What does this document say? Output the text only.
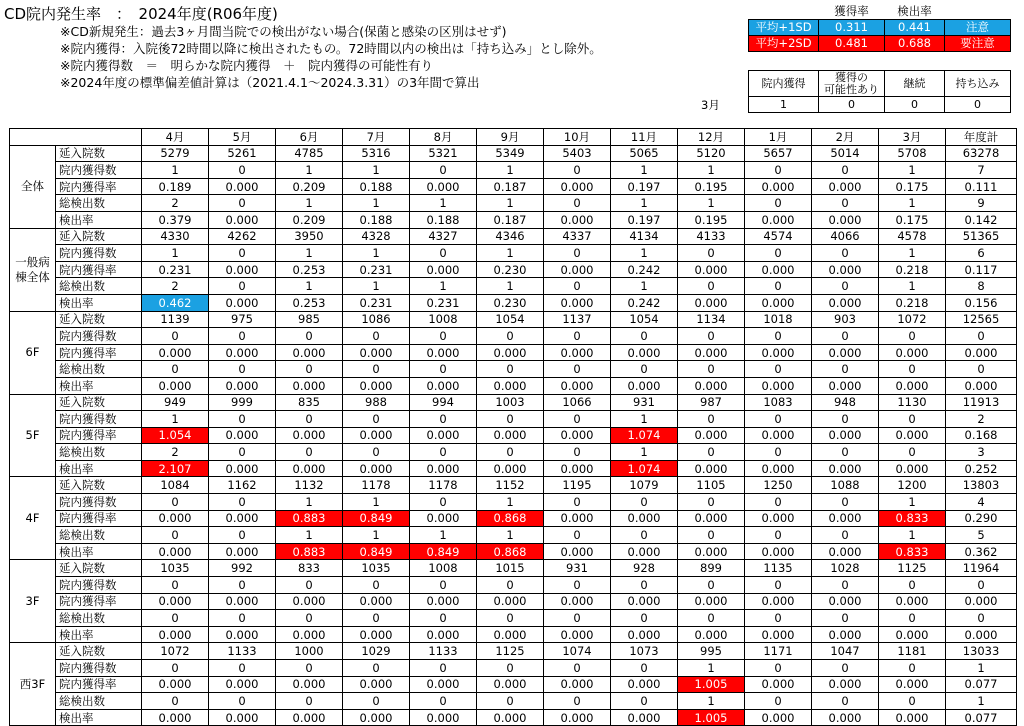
CD院内発生率　：　2024年度(R06年度)
※CD新規発生：過去3ヶ月間当院での検出がない場合(保菌と感染の区別はせず)
※院内獲得：入院後72時間以降に検出されたもの。72時間以内の検出は「持ち込み」とし除外。
※院内獲得数　＝　明らかな院内獲得　＋　院内獲得の可能性有り
※2024年度の標準偏差値計算は（2021.4.1～2024.3.31）の3年間で算出
	獲得率	検出率	
平均+1SD	0.311	0.441	注意
平均+2SD	0.481	0.688	要注意
3月
院内獲得	獲得の
可能性あり	継続	持ち込み
1	0	0	0
		4月	5月	6月	7月	8月	9月	10月	11月	12月	1月	2月	3月	年度計
全体	延入院数	5279	5261	4785	5316	5321	5349	5403	5065	5120	5657	5014	5708	63278
	院内獲得数	1	0	1	1	0	1	0	1	1	0	0	1	7
	院内獲得率	0.189	0.000	0.209	0.188	0.000	0.187	0.000	0.197	0.195	0.000	0.000	0.175	0.111
	総検出数	2	0	1	1	1	1	0	1	1	0	0	1	9
	検出率	0.379	0.000	0.209	0.188	0.188	0.187	0.000	0.197	0.195	0.000	0.000	0.175	0.142
一般病
棟全体	延入院数	4330	4262	3950	4328	4327	4346	4337	4134	4133	4574	4066	4578	51365
	院内獲得数	1	0	1	1	0	1	0	1	0	0	0	1	6
	院内獲得率	0.231	0.000	0.253	0.231	0.000	0.230	0.000	0.242	0.000	0.000	0.000	0.218	0.117
	総検出数	2	0	1	1	1	1	0	1	0	0	0	1	8
	検出率	0.462	0.000	0.253	0.231	0.231	0.230	0.000	0.242	0.000	0.000	0.000	0.218	0.156
6F	延入院数	1139	975	985	1086	1008	1054	1137	1054	1134	1018	903	1072	12565
	院内獲得数	0	0	0	0	0	0	0	0	0	0	0	0	0
	院内獲得率	0.000	0.000	0.000	0.000	0.000	0.000	0.000	0.000	0.000	0.000	0.000	0.000	0.000
	総検出数	0	0	0	0	0	0	0	0	0	0	0	0	0
	検出率	0.000	0.000	0.000	0.000	0.000	0.000	0.000	0.000	0.000	0.000	0.000	0.000	0.000
5F	延入院数	949	999	835	988	994	1003	1066	931	987	1083	948	1130	11913
	院内獲得数	1	0	0	0	0	0	0	1	0	0	0	0	2
	院内獲得率	1.054	0.000	0.000	0.000	0.000	0.000	0.000	1.074	0.000	0.000	0.000	0.000	0.168
	総検出数	2	0	0	0	0	0	0	1	0	0	0	0	3
	検出率	2.107	0.000	0.000	0.000	0.000	0.000	0.000	1.074	0.000	0.000	0.000	0.000	0.252
4F	延入院数	1084	1162	1132	1178	1178	1152	1195	1079	1105	1250	1088	1200	13803
	院内獲得数	0	0	1	1	0	1	0	0	0	0	0	1	4
	院内獲得率	0.000	0.000	0.883	0.849	0.000	0.868	0.000	0.000	0.000	0.000	0.000	0.833	0.290
	総検出数	0	0	1	1	1	1	0	0	0	0	0	1	5
	検出率	0.000	0.000	0.883	0.849	0.849	0.868	0.000	0.000	0.000	0.000	0.000	0.833	0.362
3F	延入院数	1035	992	833	1035	1008	1015	931	928	899	1135	1028	1125	11964
	院内獲得数	0	0	0	0	0	0	0	0	0	0	0	0	0
	院内獲得率	0.000	0.000	0.000	0.000	0.000	0.000	0.000	0.000	0.000	0.000	0.000	0.000	0.000
	総検出数	0	0	0	0	0	0	0	0	0	0	0	0	0
	検出率	0.000	0.000	0.000	0.000	0.000	0.000	0.000	0.000	0.000	0.000	0.000	0.000	0.000
西3F	延入院数	1072	1133	1000	1029	1133	1125	1074	1073	995	1171	1047	1181	13033
	院内獲得数	0	0	0	0	0	0	0	0	1	0	0	0	1
	院内獲得率	0.000	0.000	0.000	0.000	0.000	0.000	0.000	0.000	1.005	0.000	0.000	0.000	0.077
	総検出数	0	0	0	0	0	0	0	0	1	0	0	0	1
	検出率	0.000	0.000	0.000	0.000	0.000	0.000	0.000	0.000	1.005	0.000	0.000	0.000	0.077
